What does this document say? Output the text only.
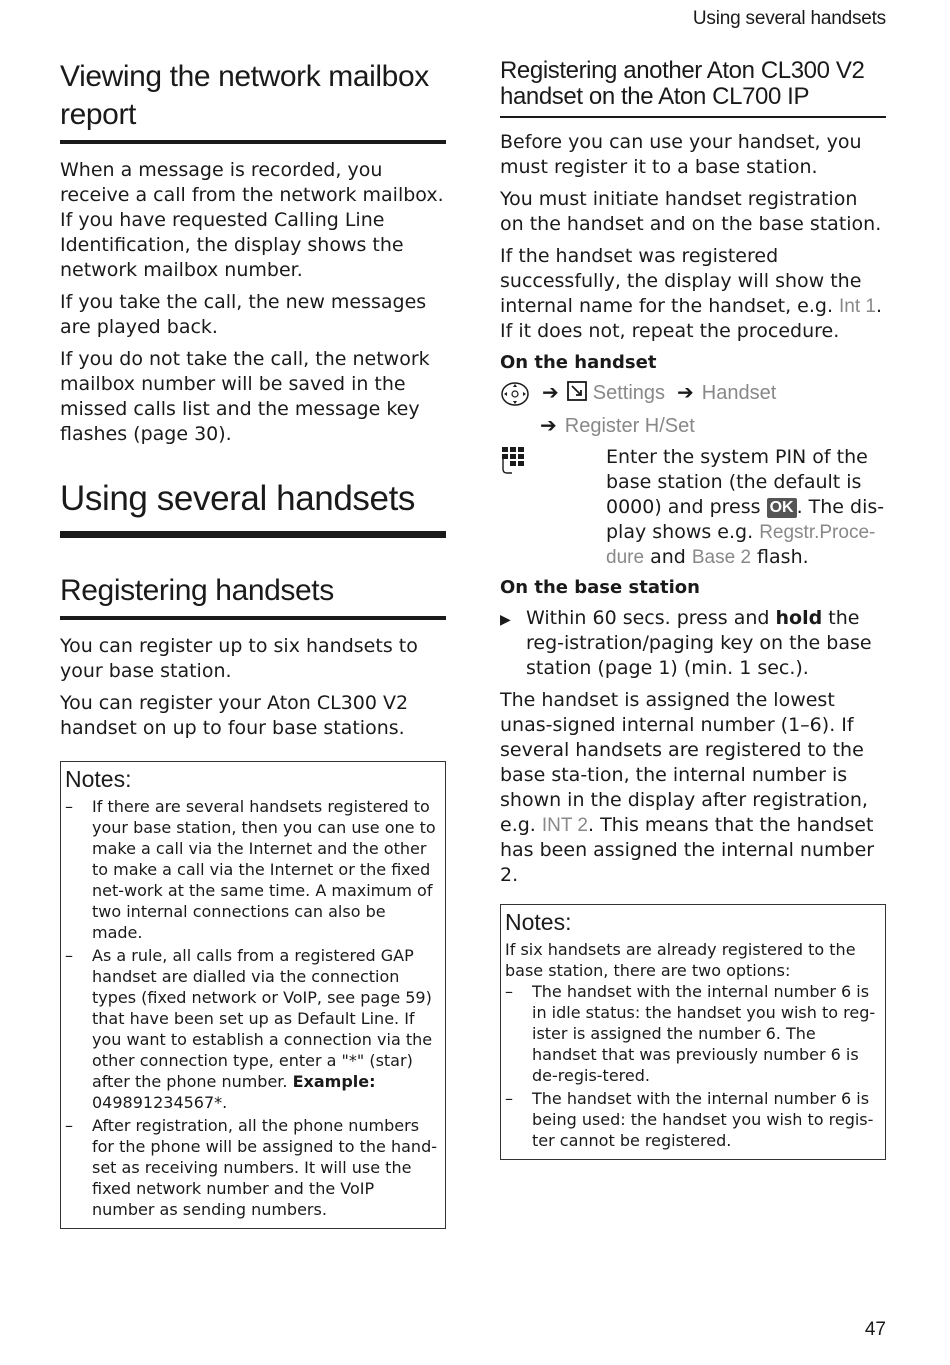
Using several handsets
Viewing the network mailbox report

When a message is recorded, you receive a call from the network mailbox. If you have requested Calling Line Identification, the display shows the network mailbox number.

If you take the call, the new messages are played back.

If you do not take the call, the network mailbox number will be saved in the missed calls list and the message key flashes (page 30).

Using several handsets
Registering handsets

You can register up to six handsets to your base station.

You can register your Aton CL300 V2 handset on up to four base stations.

Notes:
– If there are several handsets registered to your base station, then you can use one to make a call via the Internet and the other to make a call via the Internet or the fixed net-work at the same time. A maximum of two internal connections can also be made.
– As a rule, all calls from a registered GAP handset are dialled via the connection types (fixed network or VoIP, see page 59) that have been set up as Default Line. If you want to establish a connection via the other connection type, enter a "*" (star) after the phone number. Example: 049891234567*.
– After registration, all the phone numbers for the phone will be assigned to the hand-set as receiving numbers. It will use the fixed network number and the VoIP number as sending numbers.
Registering another Aton CL300 V2 handset on the Aton CL700 IP

Before you can use your handset, you must register it to a base station.

You must initiate handset registration on the handset and on the base station.

If the handset was registered successfully, the display will show the internal name for the handset, e.g. Int 1. If it does not, repeat the procedure.

On the handset
➔ Settings ➔ Handset
➔ Register H/Set

Enter the system PIN of the base station (the default is 0000) and press OK . The dis-play shows e.g. Regstr.Proce-dure and Base 2 flash.

On the base station
▶ Within 60 secs. press and hold the reg-istration/paging key on the base station (page 1) (min. 1 sec.).

The handset is assigned the lowest unas-signed internal number (1–6). If several handsets are registered to the base sta-tion, the internal number is shown in the display after registration, e.g. INT 2. This means that the handset has been assigned the internal number 2.

Notes:

If six handsets are already registered to the base station, there are two options:

– The handset with the internal number 6 is in idle status: the handset you wish to reg-ister is assigned the number 6. The handset that was previously number 6 is de-regis-tered.
– The handset with the internal number 6 is being used: the handset you wish to regis-ter cannot be registered.
47
